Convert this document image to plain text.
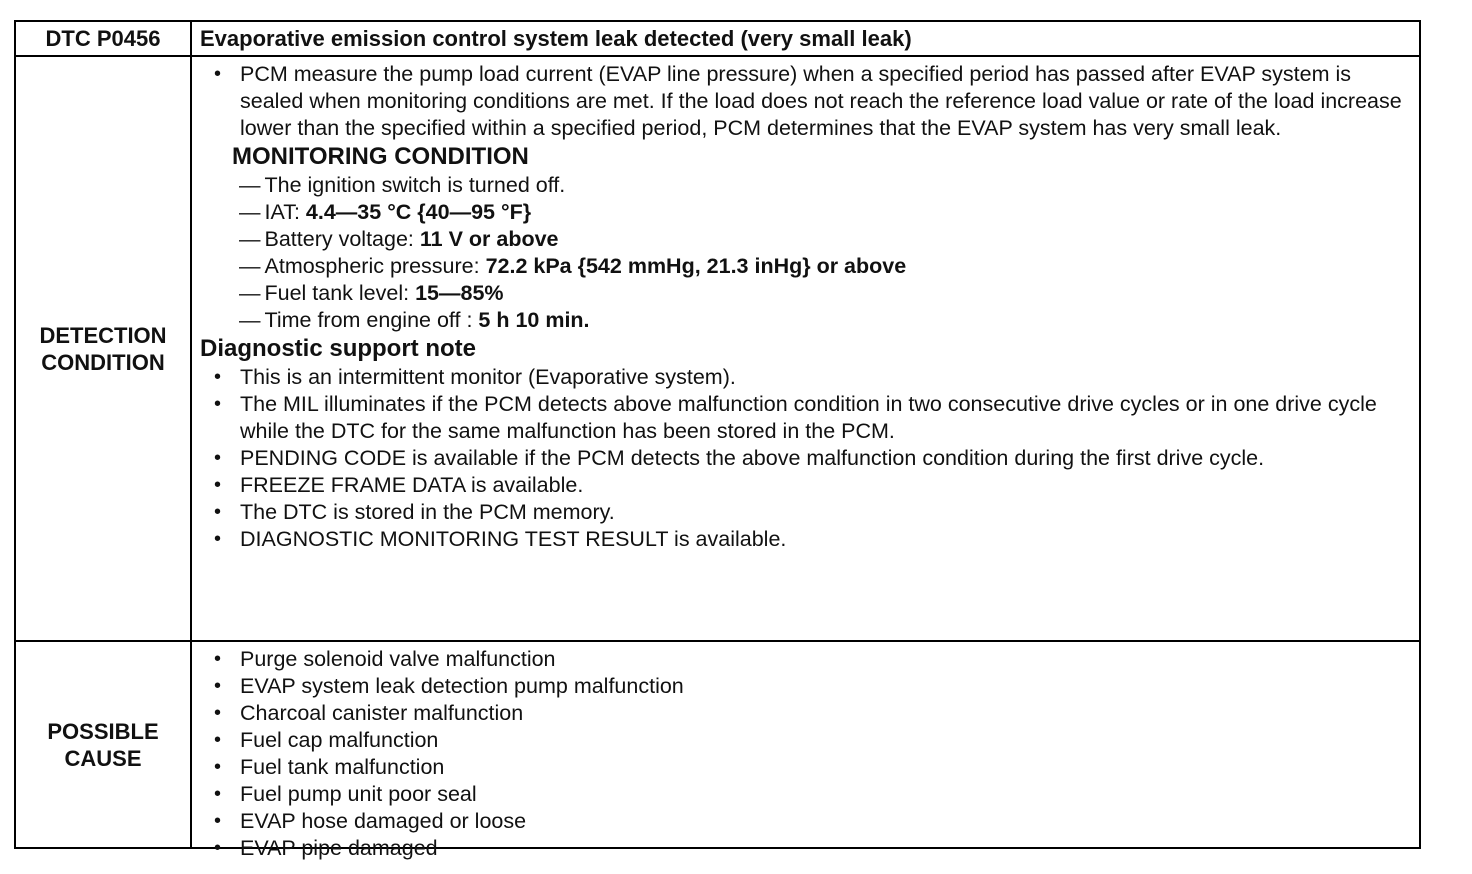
DTC P0456	Evaporative emission control system leak detected (very small leak)
DETECTION
CONDITION
• PCM measure the pump load current (EVAP line pressure) when a specified period has passed after EVAP system is sealed when monitoring conditions are met. If the load does not reach the reference load value or rate of the load increase lower than the specified within a specified period, PCM determines that the EVAP system has very small leak.
MONITORING CONDITION
— The ignition switch is turned off.
— IAT: 4.4—35 °C {40—95 °F}
— Battery voltage: 11 V or above
— Atmospheric pressure: 72.2 kPa {542 mmHg, 21.3 inHg} or above
— Fuel tank level: 15—85%
— Time from engine off : 5 h 10 min.
Diagnostic support note
• This is an intermittent monitor (Evaporative system).
• The MIL illuminates if the PCM detects above malfunction condition in two consecutive drive cycles or in one drive cycle while the DTC for the same malfunction has been stored in the PCM.
• PENDING CODE is available if the PCM detects the above malfunction condition during the first drive cycle.
• FREEZE FRAME DATA is available.
• The DTC is stored in the PCM memory.
• DIAGNOSTIC MONITORING TEST RESULT is available.
POSSIBLE
CAUSE
• Purge solenoid valve malfunction
• EVAP system leak detection pump malfunction
• Charcoal canister malfunction
• Fuel cap malfunction
• Fuel tank malfunction
• Fuel pump unit poor seal
• EVAP hose damaged or loose
• EVAP pipe damaged
